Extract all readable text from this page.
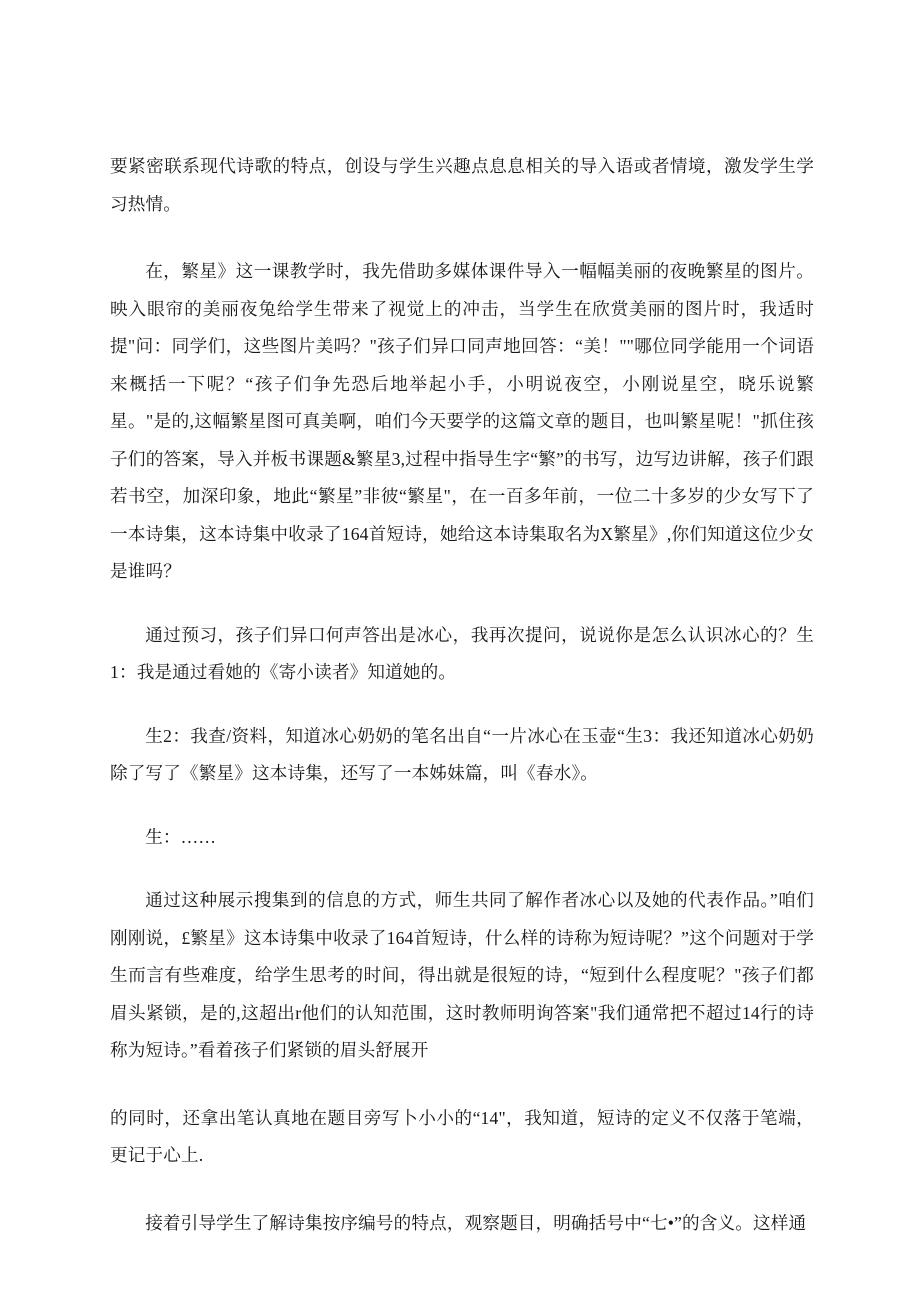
要紧密联系现代诗歌的特点，创设与学生兴趣点息息相关的导入语或者情境，激发学生学习热情。

在，繁星》这一课教学时，我先借助多媒体课件导入一幅幅美丽的夜晚繁星的图片。映入眼帘的美丽夜兔给学生带来了视觉上的冲击，当学生在欣赏美丽的图片时，我适时提"问：同学们，这些图片美吗？"孩子们异口同声地回答：“美！""哪位同学能用一个词语来概括一下呢？“孩子们争先恐后地举起小手，小明说夜空，小刚说星空，晓乐说繁星。"是的,这幅繁星图可真美啊，咱们今天要学的这篇文章的题目，也叫繁星呢！"抓住孩子们的答案，导入并板书课题&繁星3,过程中指导生字“繁”的书写，边写边讲解，孩子们跟若书空，加深印象，地此“繁星”非彼“繁星"，在一百多年前，一位二十多岁的少女写下了一本诗集，这本诗集中收录了164首短诗，她给这本诗集取名为X繁星》,你们知道这位少女是谁吗？

通过预习，孩子们异口何声答出是冰心，我再次提问，说说你是怎么认识冰心的？生1：我是通过看她的《寄小读者》知道她的。

生2：我查/资料，知道冰心奶奶的笔名出自“一片冰心在玉壶“生3：我还知道冰心奶奶除了写了《繁星》这本诗集，还写了一本姊妹篇，叫《春水》。

生：……

通过这种展示搜集到的信息的方式，师生共同了解作者冰心以及她的代表作品。”咱们刚刚说，£繁星》这本诗集中收录了164首短诗，什么样的诗称为短诗呢？”这个问题对于学生而言有些难度，给学生思考的时间，得出就是很短的诗，“短到什么程度呢？"孩子们都眉头紧锁，是的,这超出r他们的认知范围，这时教师明询答案"我们通常把不超过14行的诗称为短诗。”看着孩子们紧锁的眉头舒展开

的同时，还拿出笔认真地在题目旁写卜小小的“14"，我知道，短诗的定义不仅落于笔端，更记于心上.

接着引导学生了解诗集按序编号的特点，观察题目，明确括号中“七•”的含义。这样通
